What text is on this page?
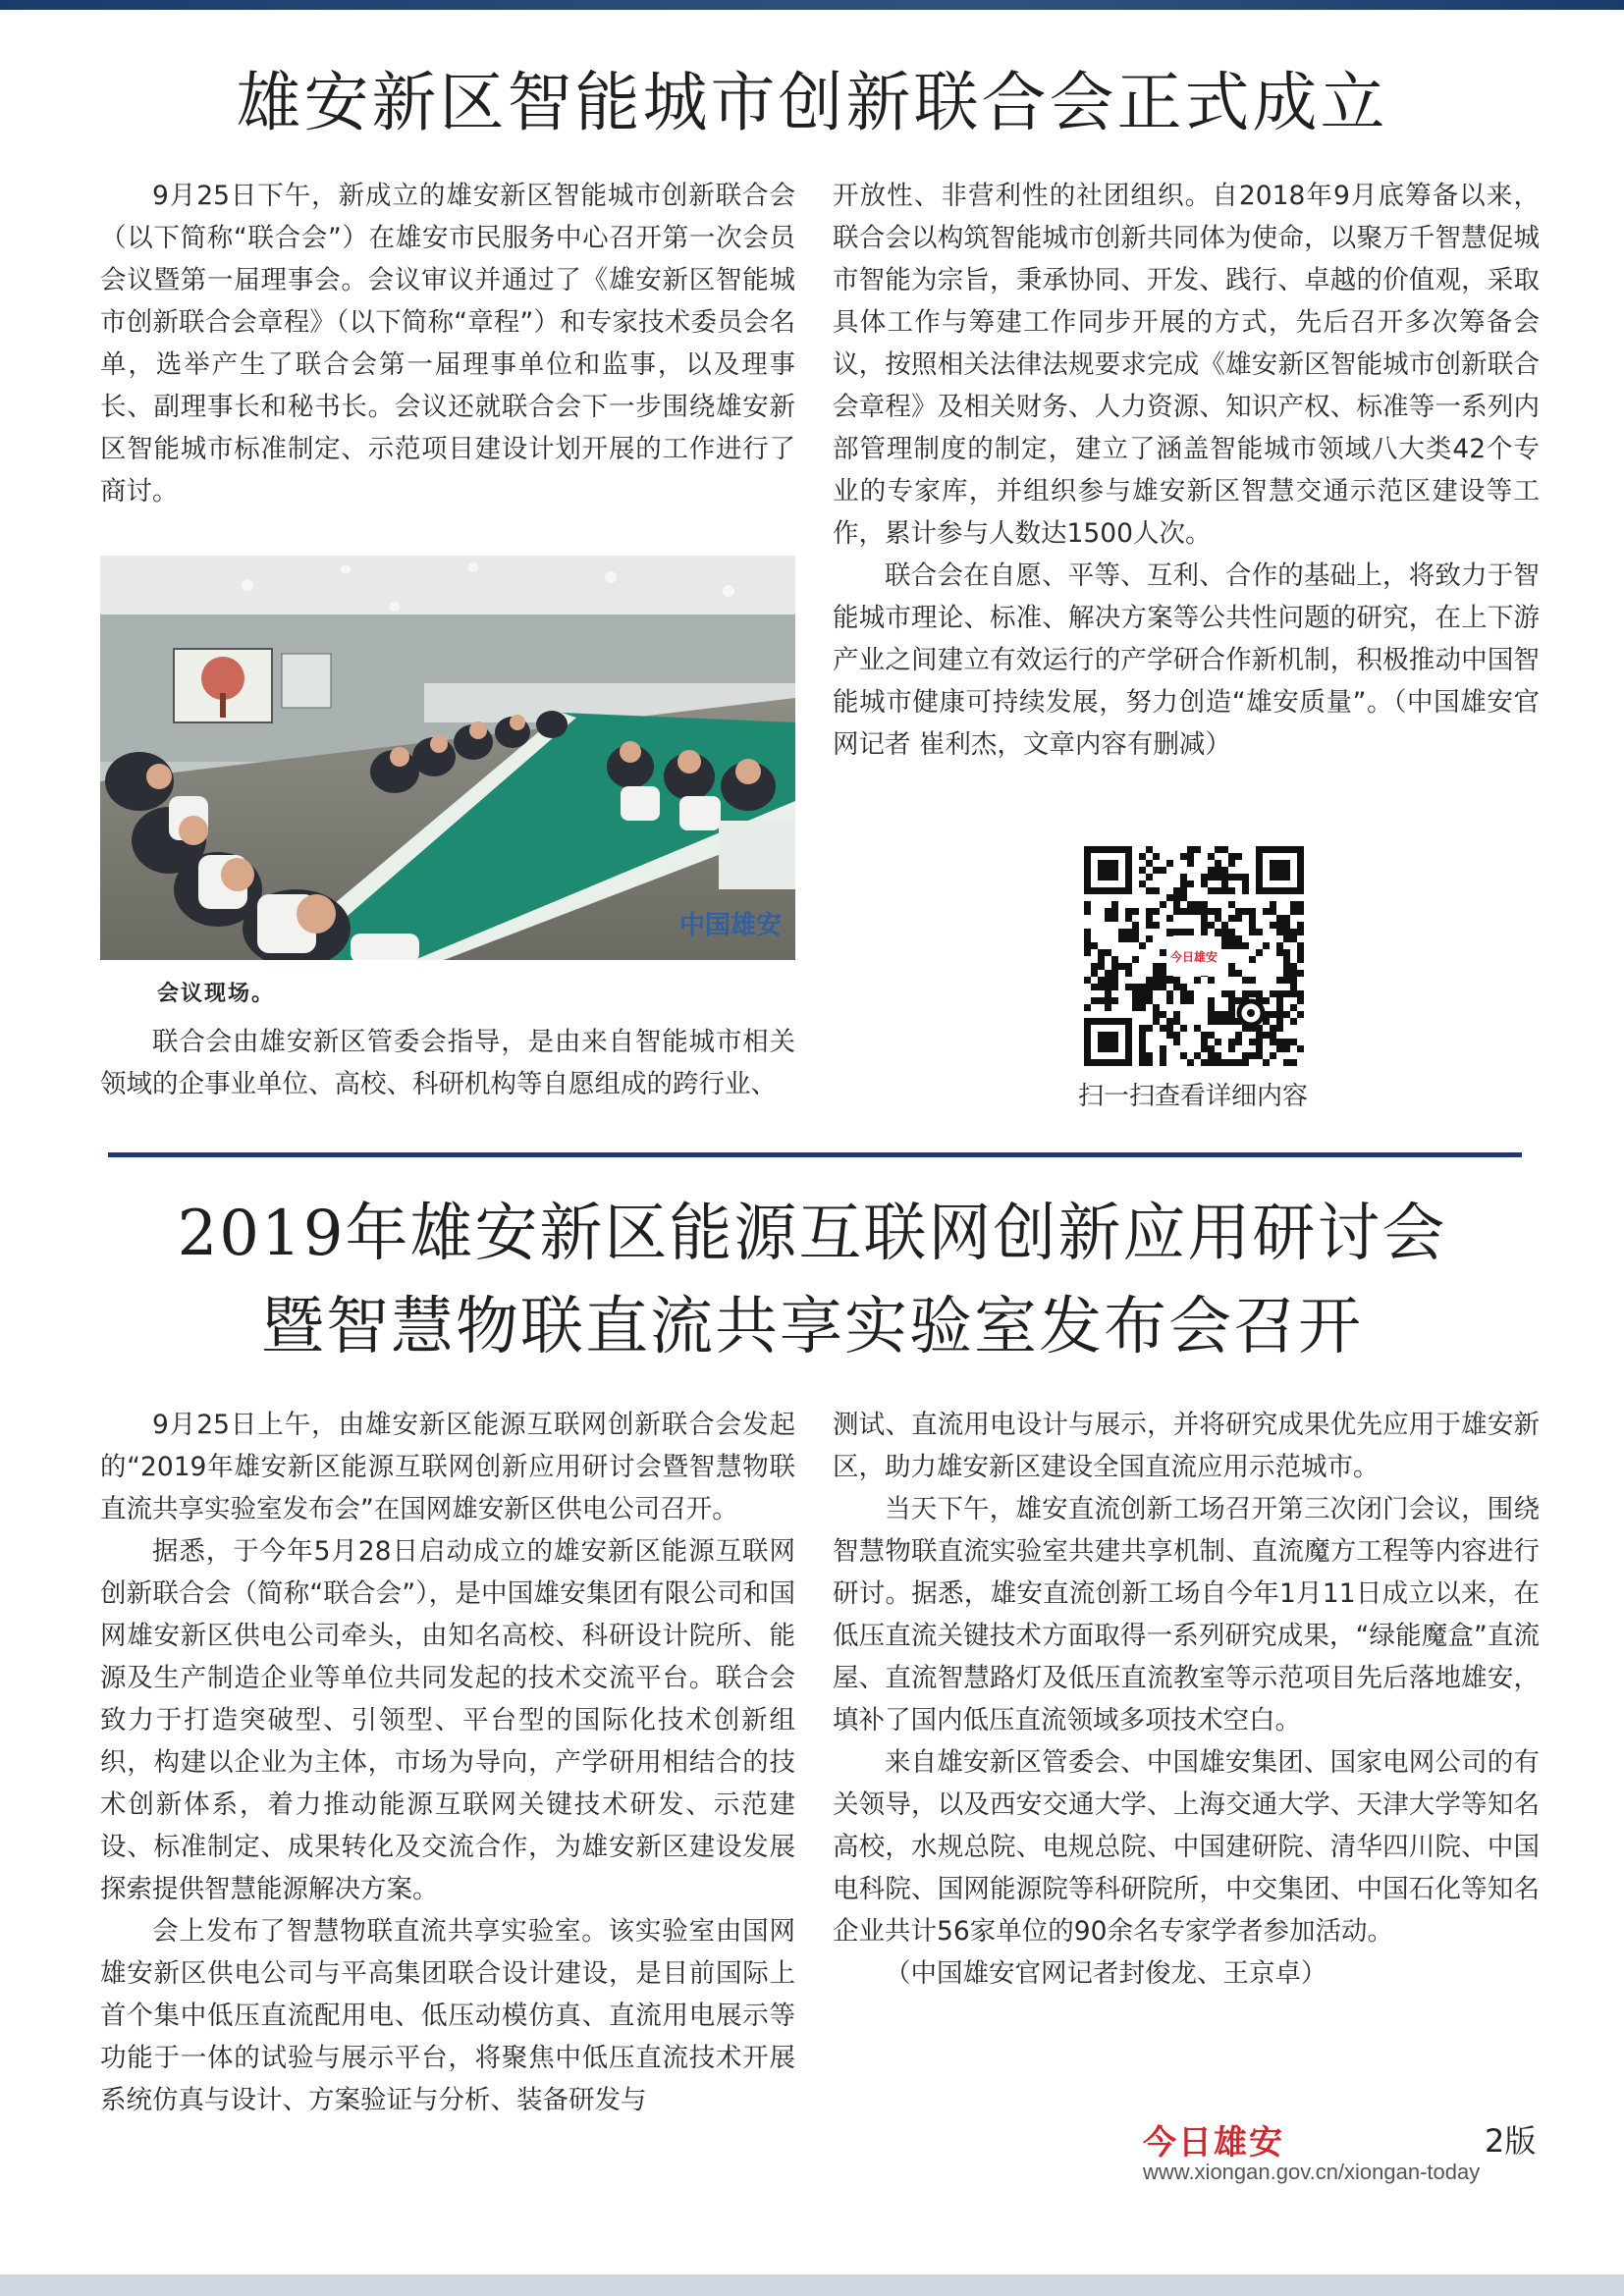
雄安新区智能城市创新联合会正式成立

9月25日下午，新成立的雄安新区智能城市创新联合会（以下简称“联合会”）在雄安市民服务中心召开第一次会员会议暨第一届理事会。会议审议并通过了《雄安新区智能城市创新联合会章程》（以下简称“章程”）和专家技术委员会名单，选举产生了联合会第一届理事单位和监事，以及理事长、副理事长和秘书长。会议还就联合会下一步围绕雄安新区智能城市标准制定、示范项目建设计划开展的工作进行了商讨。

中国雄安
会议现场。

联合会由雄安新区管委会指导，是由来自智能城市相关领域的企事业单位、高校、科研机构等自愿组成的跨行业、

开放性、非营利性的社团组织。自2018年9月底筹备以来，联合会以构筑智能城市创新共同体为使命，以聚万千智慧促城市智能为宗旨，秉承协同、开发、践行、卓越的价值观，采取具体工作与筹建工作同步开展的方式，先后召开多次筹备会议，按照相关法律法规要求完成《雄安新区智能城市创新联合会章程》及相关财务、人力资源、知识产权、标准等一系列内部管理制度的制定，建立了涵盖智能城市领域八大类42个专业的专家库，并组织参与雄安新区智慧交通示范区建设等工作，累计参与人数达1500人次。

联合会在自愿、平等、互利、合作的基础上，将致力于智能城市理论、标准、解决方案等公共性问题的研究，在上下游产业之间建立有效运行的产学研合作新机制，积极推动中国智能城市健康可持续发展，努力创造“雄安质量”。（中国雄安官网记者 崔利杰，文章内容有删减）

今日雄安
扫一扫查看详细内容
2019年雄安新区能源互联网创新应用研讨会
暨智慧物联直流共享实验室发布会召开

9月25日上午，由雄安新区能源互联网创新联合会发起的“2019年雄安新区能源互联网创新应用研讨会暨智慧物联直流共享实验室发布会”在国网雄安新区供电公司召开。

据悉，于今年5月28日启动成立的雄安新区能源互联网创新联合会（简称“联合会”），是中国雄安集团有限公司和国网雄安新区供电公司牵头，由知名高校、科研设计院所、能源及生产制造企业等单位共同发起的技术交流平台。联合会致力于打造突破型、引领型、平台型的国际化技术创新组织，构建以企业为主体，市场为导向，产学研用相结合的技术创新体系，着力推动能源互联网关键技术研发、示范建设、标准制定、成果转化及交流合作，为雄安新区建设发展探索提供智慧能源解决方案。

会上发布了智慧物联直流共享实验室。该实验室由国网雄安新区供电公司与平高集团联合设计建设，是目前国际上首个集中低压直流配用电、低压动模仿真、直流用电展示等功能于一体的试验与展示平台，将聚焦中低压直流技术开展系统仿真与设计、方案验证与分析、装备研发与

测试、直流用电设计与展示，并将研究成果优先应用于雄安新区，助力雄安新区建设全国直流应用示范城市。

当天下午，雄安直流创新工场召开第三次闭门会议，围绕智慧物联直流实验室共建共享机制、直流魔方工程等内容进行研讨。据悉，雄安直流创新工场自今年1月11日成立以来，在低压直流关键技术方面取得一系列研究成果，“绿能魔盒”直流屋、直流智慧路灯及低压直流教室等示范项目先后落地雄安，填补了国内低压直流领域多项技术空白。

来自雄安新区管委会、中国雄安集团、国家电网公司的有关领导，以及西安交通大学、上海交通大学、天津大学等知名高校，水规总院、电规总院、中国建研院、清华四川院、中国电科院、国网能源院等科研院所，中交集团、中国石化等知名企业共计56家单位的90余名专家学者参加活动。

（中国雄安官网记者封俊龙、王京卓）

今日雄安	2版
www.xiongan.gov.cn/xiongan-today
